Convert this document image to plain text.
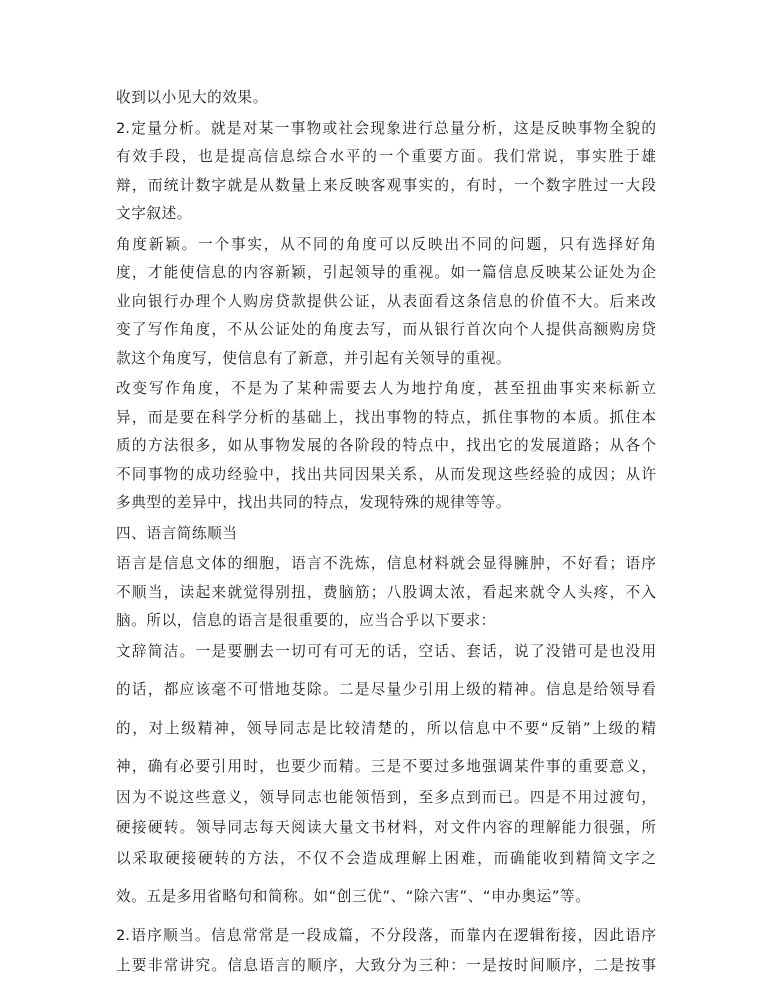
收到以小见大的效果。
2.定量分析。就是对某一事物或社会现象进行总量分析，这是反映事物全貌的
有效手段，也是提高信息综合水平的一个重要方面。我们常说，事实胜于雄
辩，而统计数字就是从数量上来反映客观事实的，有时，一个数字胜过一大段
文字叙述。
角度新颖。一个事实，从不同的角度可以反映出不同的问题，只有选择好角
度，才能使信息的内容新颖，引起领导的重视。如一篇信息反映某公证处为企
业向银行办理个人购房贷款提供公证，从表面看这条信息的价值不大。后来改
变了写作角度，不从公证处的角度去写，而从银行首次向个人提供高额购房贷
款这个角度写，使信息有了新意，并引起有关领导的重视。
改变写作角度，不是为了某种需要去人为地拧角度，甚至扭曲事实来标新立
异，而是要在科学分析的基础上，找出事物的特点，抓住事物的本质。抓住本
质的方法很多，如从事物发展的各阶段的特点中，找出它的发展道路；从各个
不同事物的成功经验中，找出共同因果关系，从而发现这些经验的成因；从许
多典型的差异中，找出共同的特点，发现特殊的规律等等。
四、语言简练顺当
语言是信息文体的细胞，语言不洗炼，信息材料就会显得臃肿，不好看；语序
不顺当，读起来就觉得别扭，费脑筋；八股调太浓，看起来就令人头疼，不入
脑。所以，信息的语言是很重要的，应当合乎以下要求：
文辞简洁。一是要删去一切可有可无的话，空话、套话，说了没错可是也没用
的话，都应该毫不可惜地芟除。二是尽量少引用上级的精神。信息是给领导看
的，对上级精神，领导同志是比较清楚的，所以信息中不要“反销”上级的精
神，确有必要引用时，也要少而精。三是不要过多地强调某件事的重要意义，
因为不说这些意义，领导同志也能领悟到，至多点到而已。四是不用过渡句，
硬接硬转。领导同志每天阅读大量文书材料，对文件内容的理解能力很强，所
以采取硬接硬转的方法，不仅不会造成理解上困难，而确能收到精简文字之
效。五是多用省略句和简称。如“创三优”、“除六害”、“申办奥运”等。
2.语序顺当。信息常常是一段成篇，不分段落，而靠内在逻辑衔接，因此语序
上要非常讲究。信息语言的顺序，大致分为三种：一是按时间顺序，二是按事
